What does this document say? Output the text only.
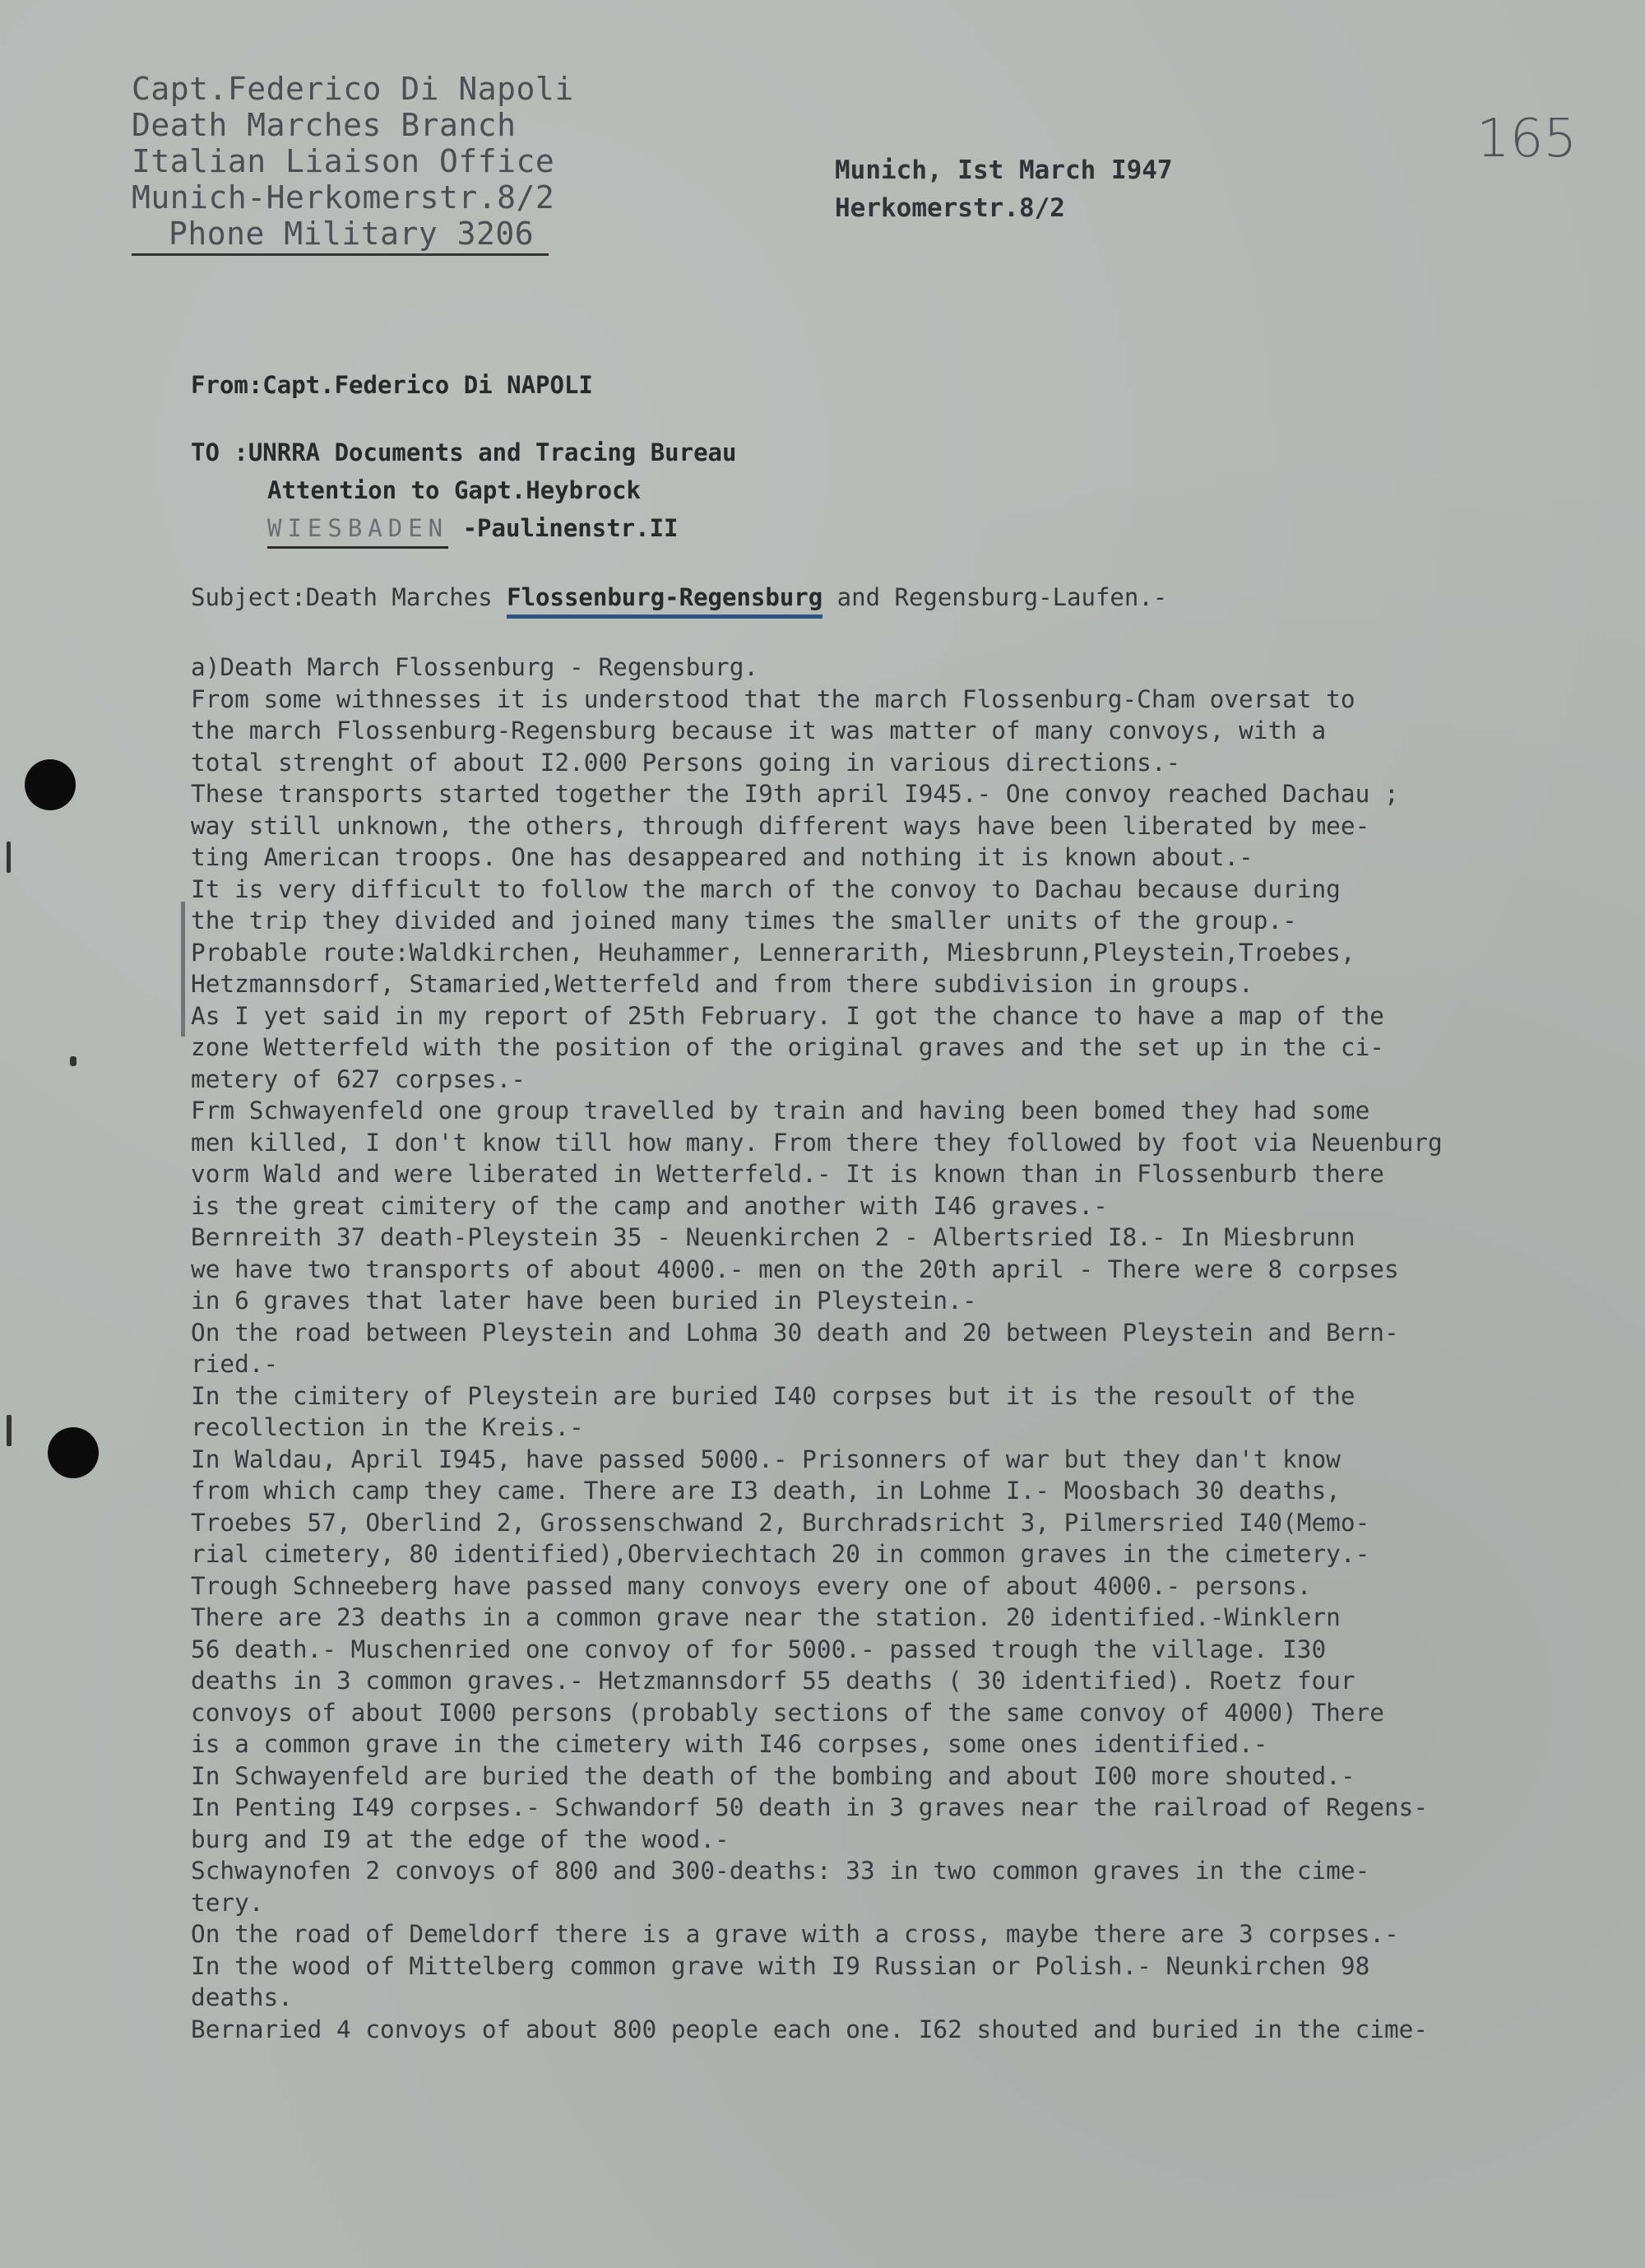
Capt.Federico Di Napoli
Death Marches Branch
Italian Liaison Office
Munich-Herkomerstr.8/2
Phone Military 3206
Munich, Ist March I947
Herkomerstr.8/2
165
From:Capt.Federico Di NAPOLI
TO :UNRRA Documents and Tracing Bureau
Attention to Gapt.Heybrock
WIESBADEN -Paulinenstr.II
Subject:Death Marches Flossenburg-Regensburg and Regensburg-Laufen.-
a)Death March Flossenburg - Regensburg.
From some withnesses it is understood that the march Flossenburg-Cham oversat to
the march Flossenburg-Regensburg because it was matter of many convoys, with a
total strenght of about I2.000 Persons going in various directions.-
These transports started together the I9th april I945.- One convoy reached Dachau ;
way still unknown, the others, through different ways have been liberated by mee-
ting American troops. One has desappeared and nothing it is known about.-
It is very difficult to follow the march of the convoy to Dachau because during
the trip they divided and joined many times the smaller units of the group.-
Probable route:Waldkirchen, Heuhammer, Lennerarith, Miesbrunn,Pleystein,Troebes,
Hetzmannsdorf, Stamaried,Wetterfeld and from there subdivision in groups.
As I yet said in my report of 25th February. I got the chance to have a map of the
zone Wetterfeld with the position of the original graves and the set up in the ci-
metery of 627 corpses.-
Frm Schwayenfeld one group travelled by train and having been bomed they had some
men killed, I don't know till how many. From there they followed by foot via Neuenburg
vorm Wald and were liberated in Wetterfeld.- It is known than in Flossenburb there
is the great cimitery of the camp and another with I46 graves.-
Bernreith 37 death-Pleystein 35 - Neuenkirchen 2 - Albertsried I8.- In Miesbrunn
we have two transports of about 4000.- men on the 20th april - There were 8 corpses
in 6 graves that later have been buried in Pleystein.-
On the road between Pleystein and Lohma 30 death and 20 between Pleystein and Bern-
ried.-
In the cimitery of Pleystein are buried I40 corpses but it is the resoult of the
recollection in the Kreis.-
In Waldau, April I945, have passed 5000.- Prisonners of war but they dan't know
from which camp they came. There are I3 death, in Lohme I.- Moosbach 30 deaths,
Troebes 57, Oberlind 2, Grossenschwand 2, Burchradsricht 3, Pilmersried I40(Memo-
rial cimetery, 80 identified),Oberviechtach 20 in common graves in the cimetery.-
Trough Schneeberg have passed many convoys every one of about 4000.- persons.
There are 23 deaths in a common grave near the station. 20 identified.-Winklern
56 death.- Muschenried one convoy of for 5000.- passed trough the village. I30
deaths in 3 common graves.- Hetzmannsdorf 55 deaths ( 30 identified). Roetz four
convoys of about I000 persons (probably sections of the same convoy of 4000) There
is a common grave in the cimetery with I46 corpses, some ones identified.-
In Schwayenfeld are buried the death of the bombing and about I00 more shouted.-
In Penting I49 corpses.- Schwandorf 50 death in 3 graves near the railroad of Regens-
burg and I9 at the edge of the wood.-
Schwaynofen 2 convoys of 800 and 300-deaths: 33 in two common graves in the cime-
tery.
On the road of Demeldorf there is a grave with a cross, maybe there are 3 corpses.-
In the wood of Mittelberg common grave with I9 Russian or Polish.- Neunkirchen 98
deaths.
Bernaried 4 convoys of about 800 people each one. I62 shouted and buried in the cime-
